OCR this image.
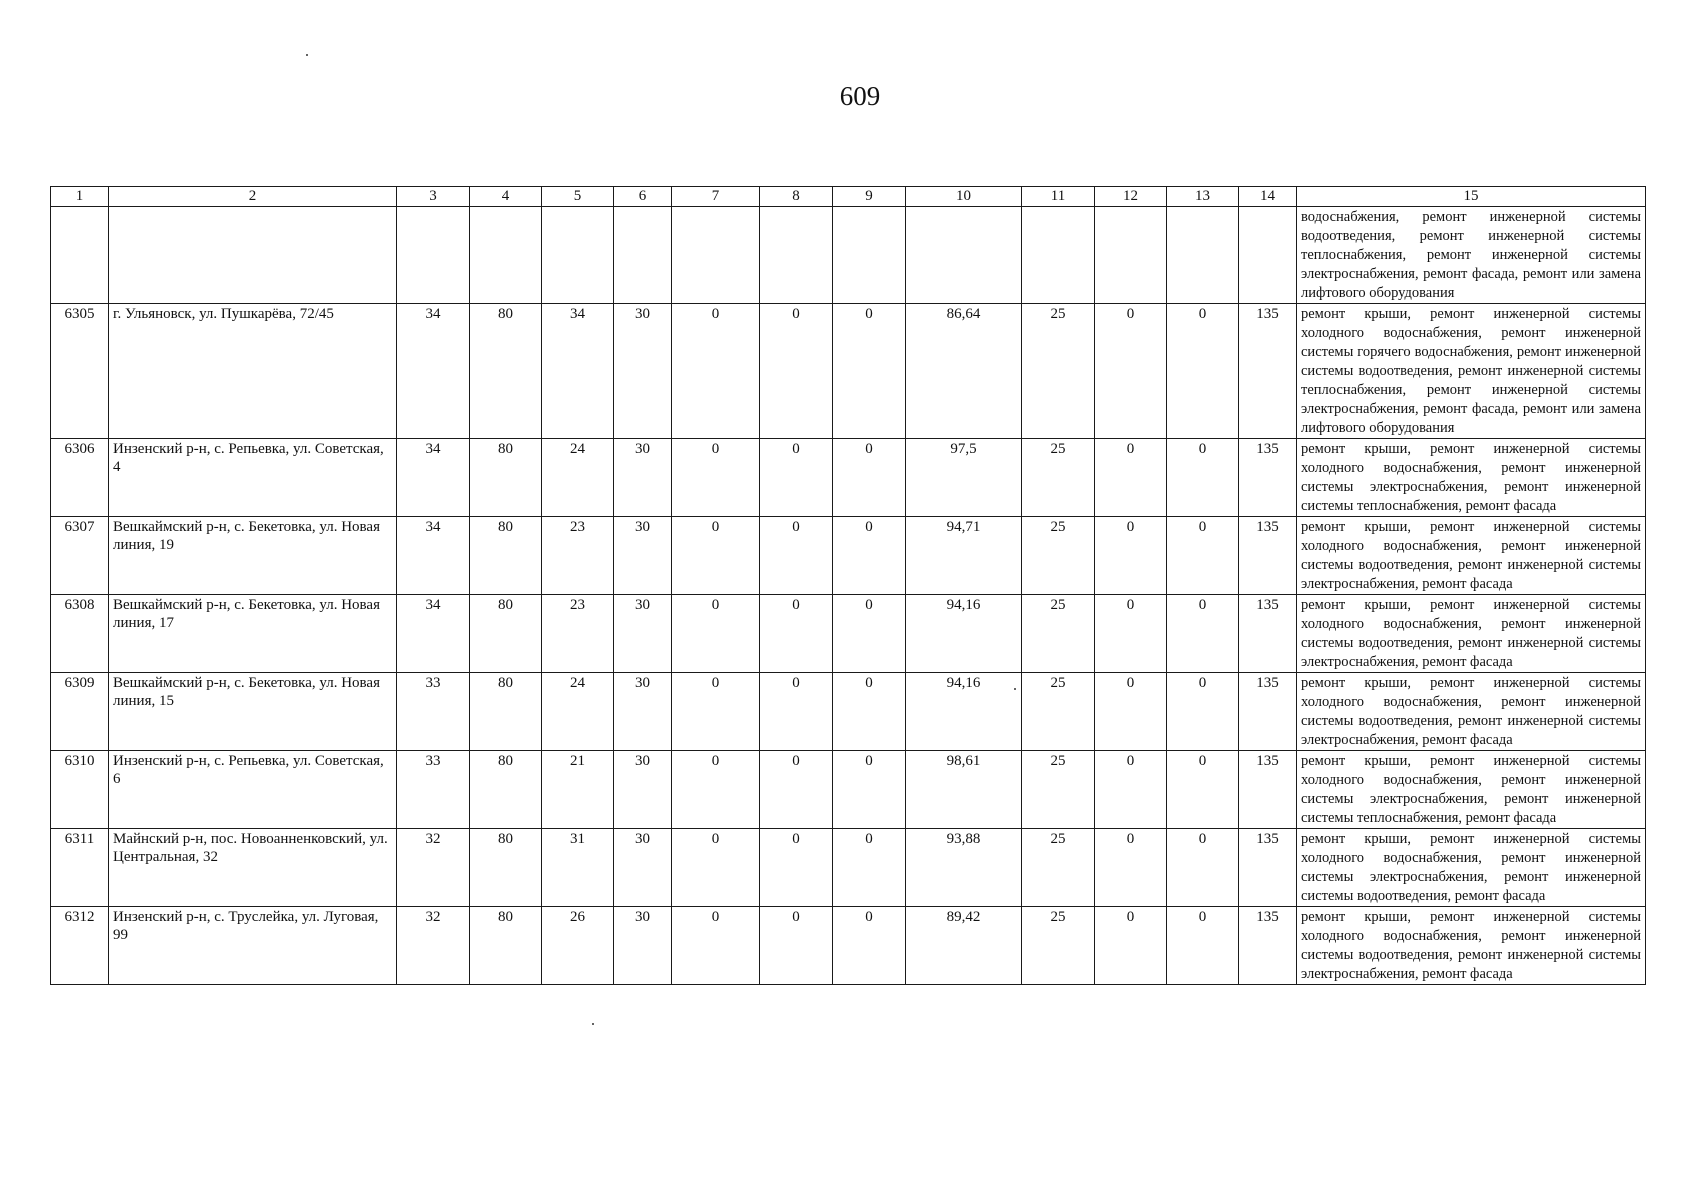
609
1	2	3	4	5	6	7	8	9	10	11	12	13	14	15
														водоснабжения, ремонт инженерной системы водоотведения, ремонт инженерной системы теплоснабжения, ремонт инженерной системы электроснабжения, ремонт фасада, ремонт или замена лифтового оборудования
6305	г. Ульяновск, ул. Пушкарёва, 72/45	34	80	34	30	0	0	0	86,64	25	0	0	135	ремонт крыши, ремонт инженерной системы холодного водоснабжения, ремонт инженерной системы горячего водоснабжения, ремонт инженерной системы водоотведения, ремонт инженерной системы теплоснабжения, ремонт инженерной системы электроснабжения, ремонт фасада, ремонт или замена лифтового оборудования
6306	Инзенский р-н, с. Репьевка, ул. Советская, 4	34	80	24	30	0	0	0	97,5	25	0	0	135	ремонт крыши, ремонт инженерной системы холодного водоснабжения, ремонт инженерной системы электроснабжения, ремонт инженерной системы теплоснабжения, ремонт фасада
6307	Вешкаймский р-н, с. Бекетовка, ул. Новая линия, 19	34	80	23	30	0	0	0	94,71	25	0	0	135	ремонт крыши, ремонт инженерной системы холодного водоснабжения, ремонт инженерной системы водоотведения, ремонт инженерной системы электроснабжения, ремонт фасада
6308	Вешкаймский р-н, с. Бекетовка, ул. Новая линия, 17	34	80	23	30	0	0	0	94,16	25	0	0	135	ремонт крыши, ремонт инженерной системы холодного водоснабжения, ремонт инженерной системы водоотведения, ремонт инженерной системы электроснабжения, ремонт фасада
6309	Вешкаймский р-н, с. Бекетовка, ул. Новая линия, 15	33	80	24	30	0	0	0	94,16	25	0	0	135	ремонт крыши, ремонт инженерной системы холодного водоснабжения, ремонт инженерной системы водоотведения, ремонт инженерной системы электроснабжения, ремонт фасада
6310	Инзенский р-н, с. Репьевка, ул. Советская, 6	33	80	21	30	0	0	0	98,61	25	0	0	135	ремонт крыши, ремонт инженерной системы холодного водоснабжения, ремонт инженерной системы электроснабжения, ремонт инженерной системы теплоснабжения, ремонт фасада
6311	Майнский р-н, пос. Новоанненковский, ул. Центральная, 32	32	80	31	30	0	0	0	93,88	25	0	0	135	ремонт крыши, ремонт инженерной системы холодного водоснабжения, ремонт инженерной системы электроснабжения, ремонт инженерной системы водоотведения, ремонт фасада
6312	Инзенский р-н, с. Труслейка, ул. Луговая, 99	32	80	26	30	0	0	0	89,42	25	0	0	135	ремонт крыши, ремонт инженерной системы холодного водоснабжения, ремонт инженерной системы водоотведения, ремонт инженерной системы электроснабжения, ремонт фасада
